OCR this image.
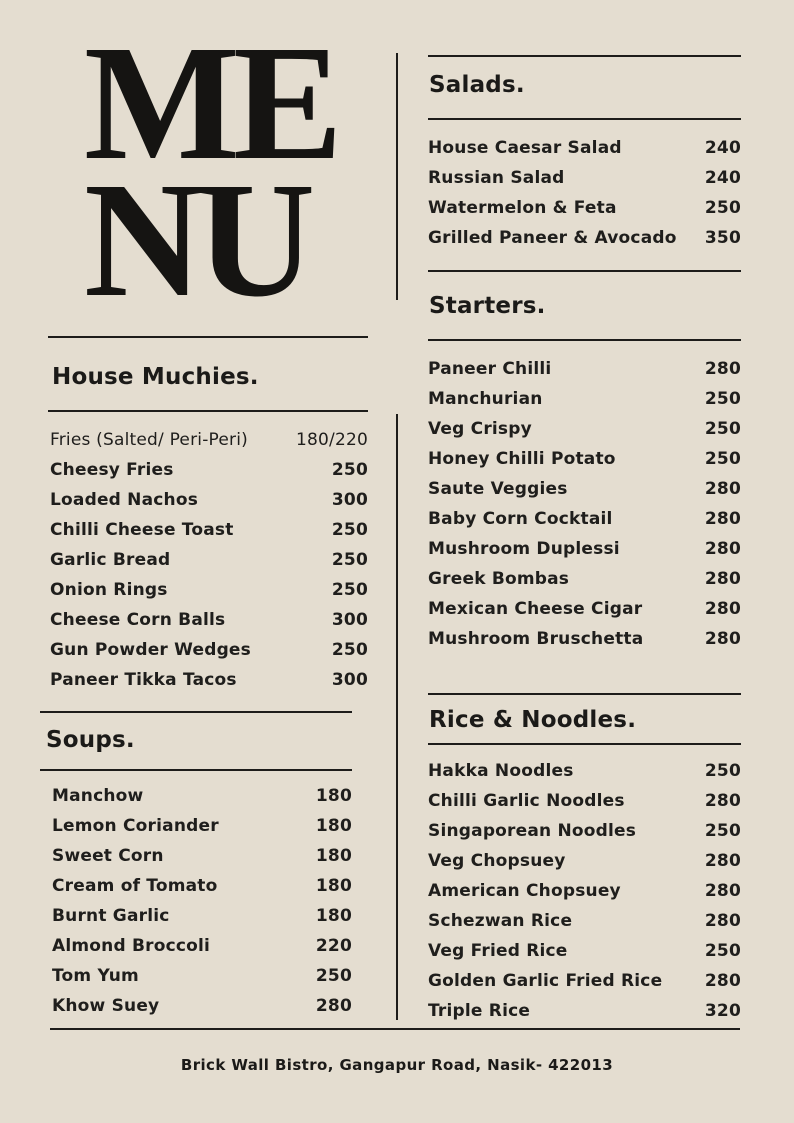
ME
NU
House Muchies.
Fries (Salted/ Peri-Peri)	180/220
Cheesy Fries	250
Loaded Nachos	300
Chilli Cheese Toast	250
Garlic Bread	250
Onion Rings	250
Cheese Corn Balls	300
Gun Powder Wedges	250
Paneer Tikka Tacos	300
Soups.
Manchow	180
Lemon Coriander	180
Sweet Corn	180
Cream of Tomato	180
Burnt Garlic	180
Almond Broccoli	220
Tom Yum	250
Khow Suey	280
Salads.
House Caesar Salad	240
Russian Salad	240
Watermelon & Feta	250
Grilled Paneer & Avocado 350
Starters.
Paneer Chilli	280
Manchurian	250
Veg Crispy	250
Honey Chilli Potato	250
Saute Veggies	280
Baby Corn Cocktail	280
Mushroom Duplessi	280
Greek Bombas	280
Mexican Cheese Cigar	280
Mushroom Bruschetta	280
Rice & Noodles.
Hakka Noodles	250
Chilli Garlic Noodles	280
Singaporean Noodles	250
Veg Chopsuey	280
American Chopsuey	280
Schezwan Rice	280
Veg Fried Rice	250
Golden Garlic Fried Rice	280
Triple Rice	320
Brick Wall Bistro, Gangapur Road, Nasik- 422013
